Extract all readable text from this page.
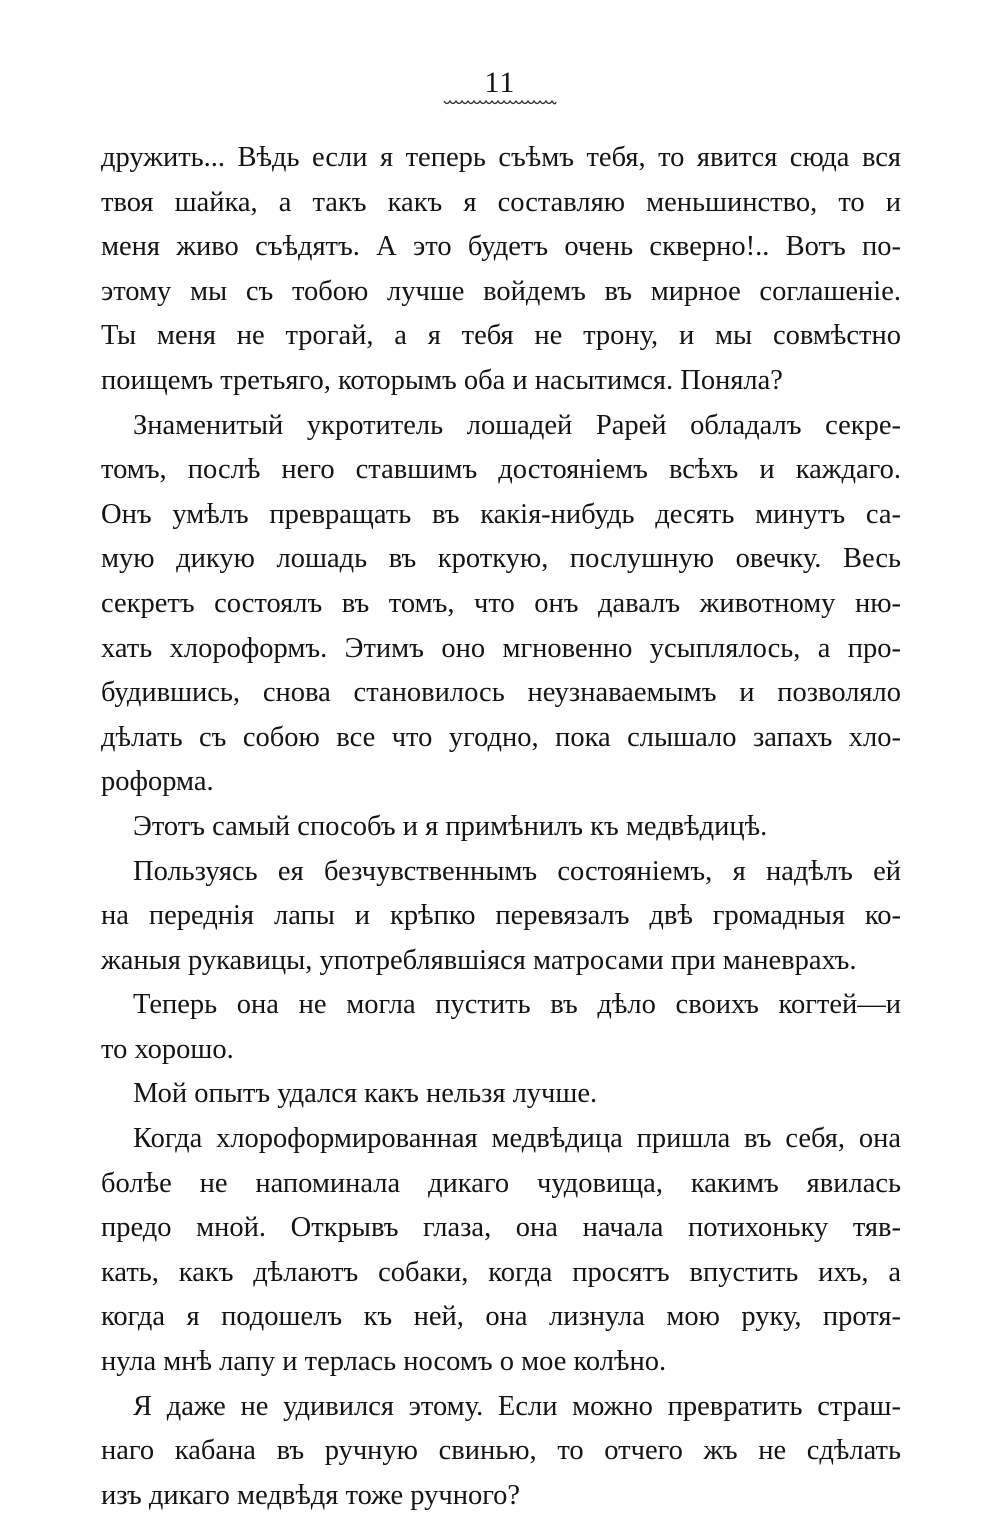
11
дружить... Вѣдь если я теперь съѣмъ тебя, то явится сюда вся
твоя шайка, а такъ какъ я составляю меньшинство, то и
меня живо съѣдятъ. А это будетъ очень скверно!.. Вотъ по-
этому мы съ тобою лучше войдемъ въ мирное соглашеніе.
Ты меня не трогай, а я тебя не трону, и мы совмѣстно
поищемъ третьяго, которымъ оба и насытимся. Поняла?
Знаменитый укротитель лошадей Рарей обладалъ секре-
томъ, послѣ него ставшимъ достояніемъ всѣхъ и каждаго.
Онъ умѣлъ превращать въ какія-нибудь десять минутъ са-
мую дикую лошадь въ кроткую, послушную овечку. Весь
секретъ состоялъ въ томъ, что онъ давалъ животному ню-
хать хлороформъ. Этимъ оно мгновенно усыплялось, а про-
будившись, снова становилось неузнаваемымъ и позволяло
дѣлать съ собою все что угодно, пока слышало запахъ хло-
роформа.
Этотъ самый способъ и я примѣнилъ къ медвѣдицѣ.
Пользуясь ея безчувственнымъ состояніемъ, я надѣлъ ей
на переднія лапы и крѣпко перевязалъ двѣ громадныя ко-
жаныя рукавицы, употреблявшіяся матросами при маневрахъ.
Теперь она не могла пустить въ дѣло своихъ когтей—и
то хорошо.
Мой опытъ удался какъ нельзя лучше.
Когда хлороформированная медвѣдица пришла въ себя, она
болѣе не напоминала дикаго чудовища, какимъ явилась
предо мной. Открывъ глаза, она начала потихоньку тяв-
кать, какъ дѣлаютъ собаки, когда просятъ впустить ихъ, а
когда я подошелъ къ ней, она лизнула мою руку, протя-
нула мнѣ лапу и терлась носомъ о мое колѣно.
Я даже не удивился этому. Если можно превратить страш-
наго кабана въ ручную свинью, то отчего жъ не сдѣлать
изъ дикаго медвѣдя тоже ручного?
